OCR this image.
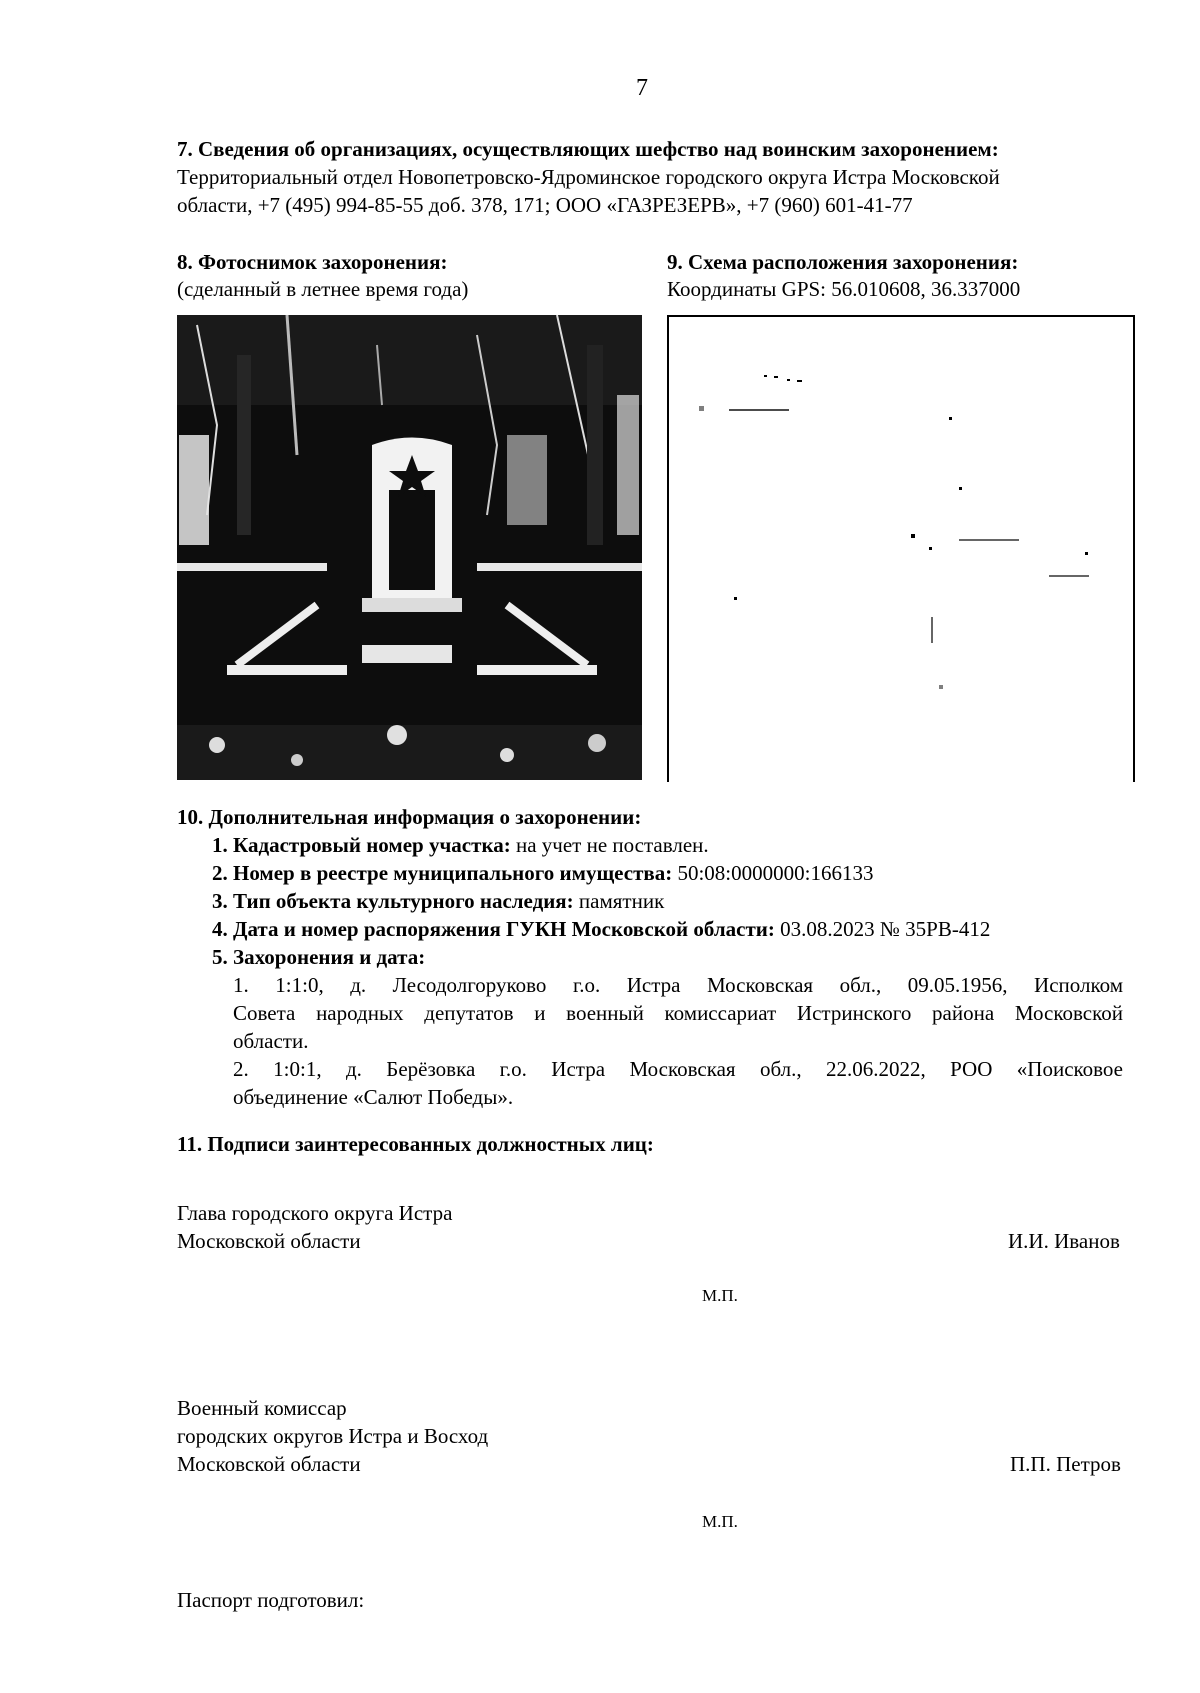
7
7. Сведения об организациях, осуществляющих шефство над воинским захоронением:
Территориальный отдел Новопетровско-Ядроминское городского округа Истра Московской
области, +7 (495) 994-85-55 доб. 378, 171; ООО «ГАЗРЕЗЕРВ», +7 (960) 601-41-77
8. Фотоснимок захоронения:
(сделанный в летнее время года)
9. Схема расположения захоронения:
Координаты GPS: 56.010608, 36.337000
10. Дополнительная информация о захоронении:
1. Кадастровый номер участка: на учет не поставлен.
2. Номер в реестре муниципального имущества: 50:08:0000000:166133
3. Тип объекта культурного наследия: памятник
4. Дата и номер распоряжения ГУКН Московской области: 03.08.2023 № 35РВ-412
5. Захоронения и дата:
1. 1:1:0, д. Лесодолгоруково г.о. Истра Московская обл., 09.05.1956, Исполком
Совета народных депутатов и военный комиссариат Истринского района Московской
области.
2. 1:0:1, д. Берёзовка г.о. Истра Московская обл., 22.06.2022, РОО «Поисковое
объединение «Салют Победы».
11. Подписи заинтересованных должностных лиц:
Глава городского округа Истра
Московской области	И.И. Иванов
М.П.
Военный комиссар
городских округов Истра и Восход
Московской области	П.П. Петров
М.П.
Паспорт подготовил:
